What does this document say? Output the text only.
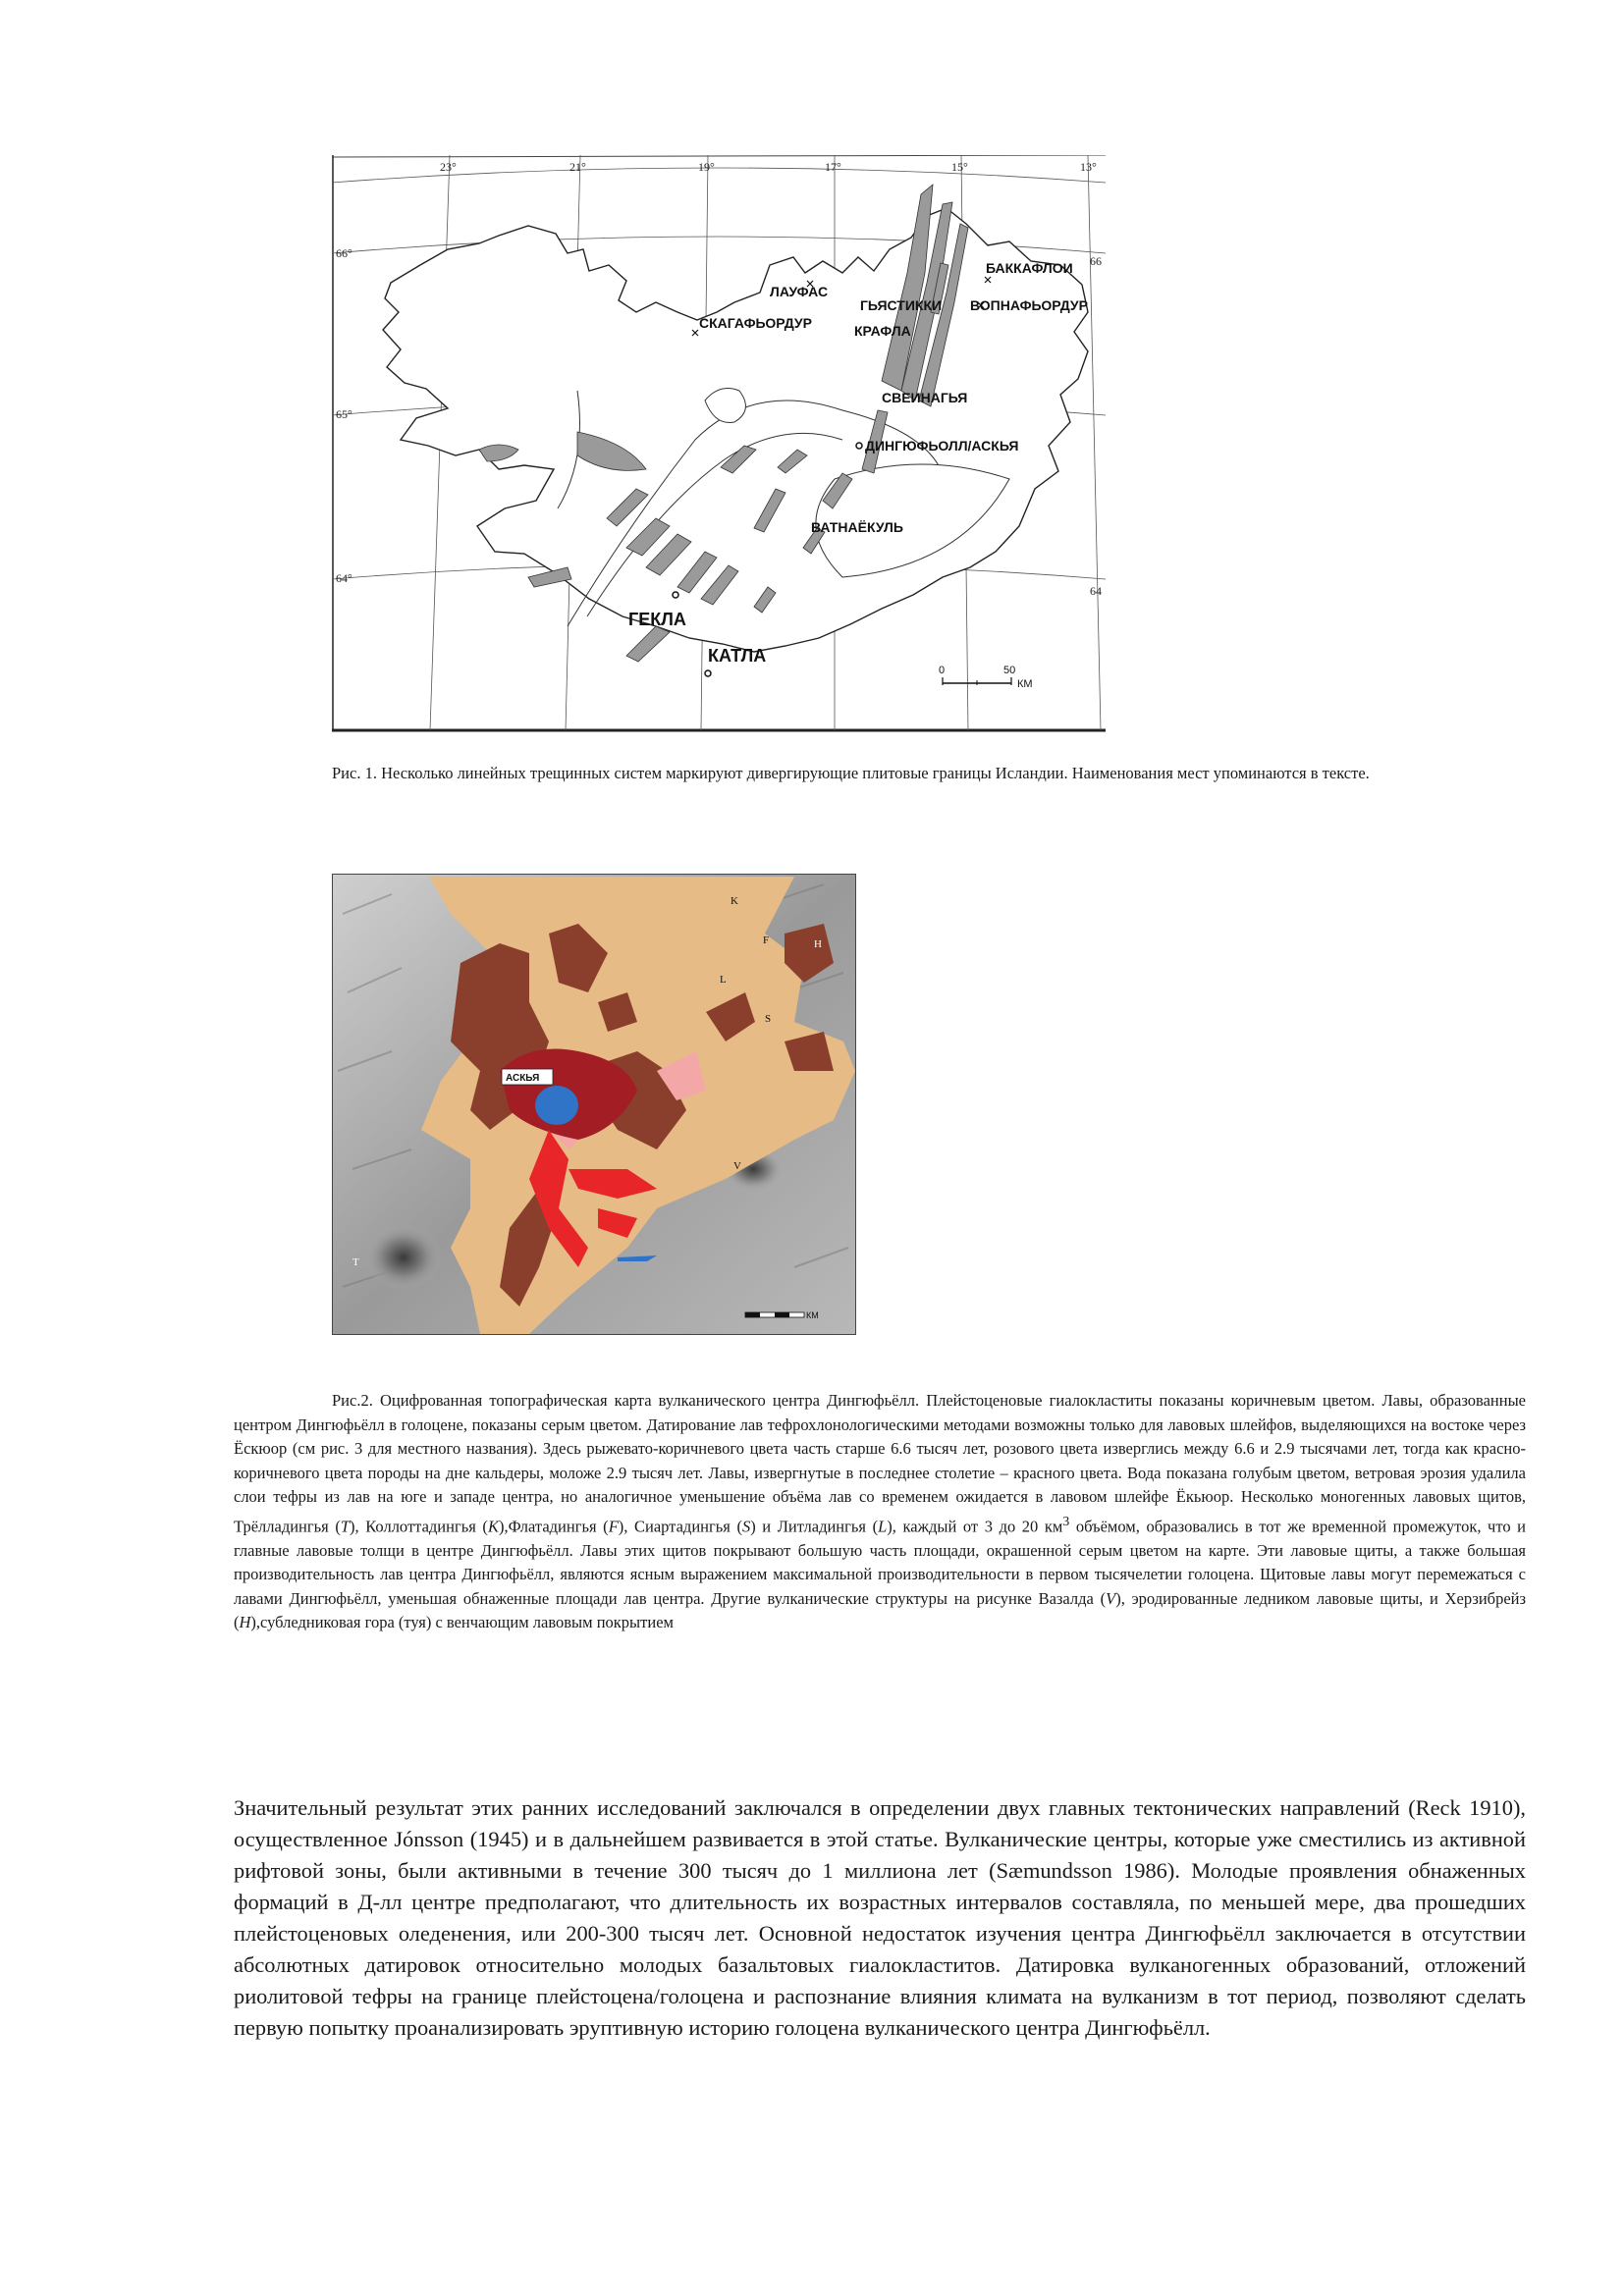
23°	21°	19°	17°	15°	13°
66°
65°
64°
66
64
ЛАУФАС
СКАГАФЬОРДУР
ГЬЯСТИККИ
КРАФЛА
БАККАФЛОИ
ВОПНАФЬОРДУР
СВЕИНАГЬЯ
ДИНГЮФЬОЛЛ/АСКЬЯ
ВАТНАЁКУЛЬ
ГЕКЛА
КАТЛА
0	50
КМ

Рис. 1. Несколько линейных трещинных систем маркируют дивергирующие плитовые границы Исландии. Наименования мест упоминаются в тексте.

АСКЬЯ
K
F	H
L
S
V
T
КМ

Рис.2. Оцифрованная топографическая карта вулканического центра Дингюфьёлл. Плейстоценовые гиалокластиты показаны коричневым цветом. Лавы, образованные центром Дингюфьёлл в голоцене, показаны серым цветом. Датирование лав тефрохлонологическими методами возможны только для лавовых шлейфов, выделяющихся на востоке через Ёскюор (см рис. 3 для местного названия). Здесь рыжевато-коричневого цвета часть старше 6.6 тысяч лет, розового цвета изверглись между 6.6 и 2.9 тысячами лет, тогда как красно-коричневого цвета породы на дне кальдеры, моложе 2.9 тысяч лет. Лавы, извергнутые в последнее столетие – красного цвета. Вода показана голубым цветом, ветровая эрозия удалила слои тефры из лав на юге и западе центра, но аналогичное уменьшение объёма лав со временем ожидается в лавовом шлейфе Ёкьюор. Несколько моногенных лавовых щитов, Трёлладингья (T), Коллоттадингья (K),Флатадингья (F), Сиартадингья (S) и Литладингья (L), каждый от 3 до 20 $км^3$ объёмом, образовались в тот же временной промежуток, что и главные лавовые толщи в центре Дингюфьёлл. Лавы этих щитов покрывают большую часть площади, окрашенной серым цветом на карте. Эти лавовые щиты, а также большая производительность лав центра Дингюфьёлл, являются ясным выражением максимальной производительности в первом тысячелетии голоцена. Щитовые лавы могут перемежаться с лавами Дингюфьёлл, уменьшая обнаженные площади лав центра. Другие вулканические структуры на рисунке Вазалда (V), эродированные ледником лавовые щиты, и Херзибрейз (H),субледниковая гора (туя) с венчающим лавовым покрытием

Значительный результат этих ранних исследований заключался в определении двух главных тектонических направлений (Reck 1910), осуществленное Jónsson (1945) и в дальнейшем развивается в этой статье. Вулканические центры, которые уже сместились из активной рифтовой зоны, были активными в течение 300 тысяч до 1 миллиона лет (Sæmundsson 1986). Молодые проявления обнаженных формаций в Д-лл центре предполагают, что длительность их возрастных интервалов составляла, по меньшей мере, два прошедших плейстоценовых оледенения, или 200-300 тысяч лет. Основной недостаток изучения центра Дингюфьёлл заключается в отсутствии абсолютных датировок относительно молодых базальтовых гиалокластитов. Датировка вулканогенных образований, отложений риолитовой тефры на границе плейстоцена/голоцена и распознание влияния климата на вулканизм в тот период, позволяют сделать первую попытку проанализировать эруптивную историю голоцена вулканического центра Дингюфьёлл.
